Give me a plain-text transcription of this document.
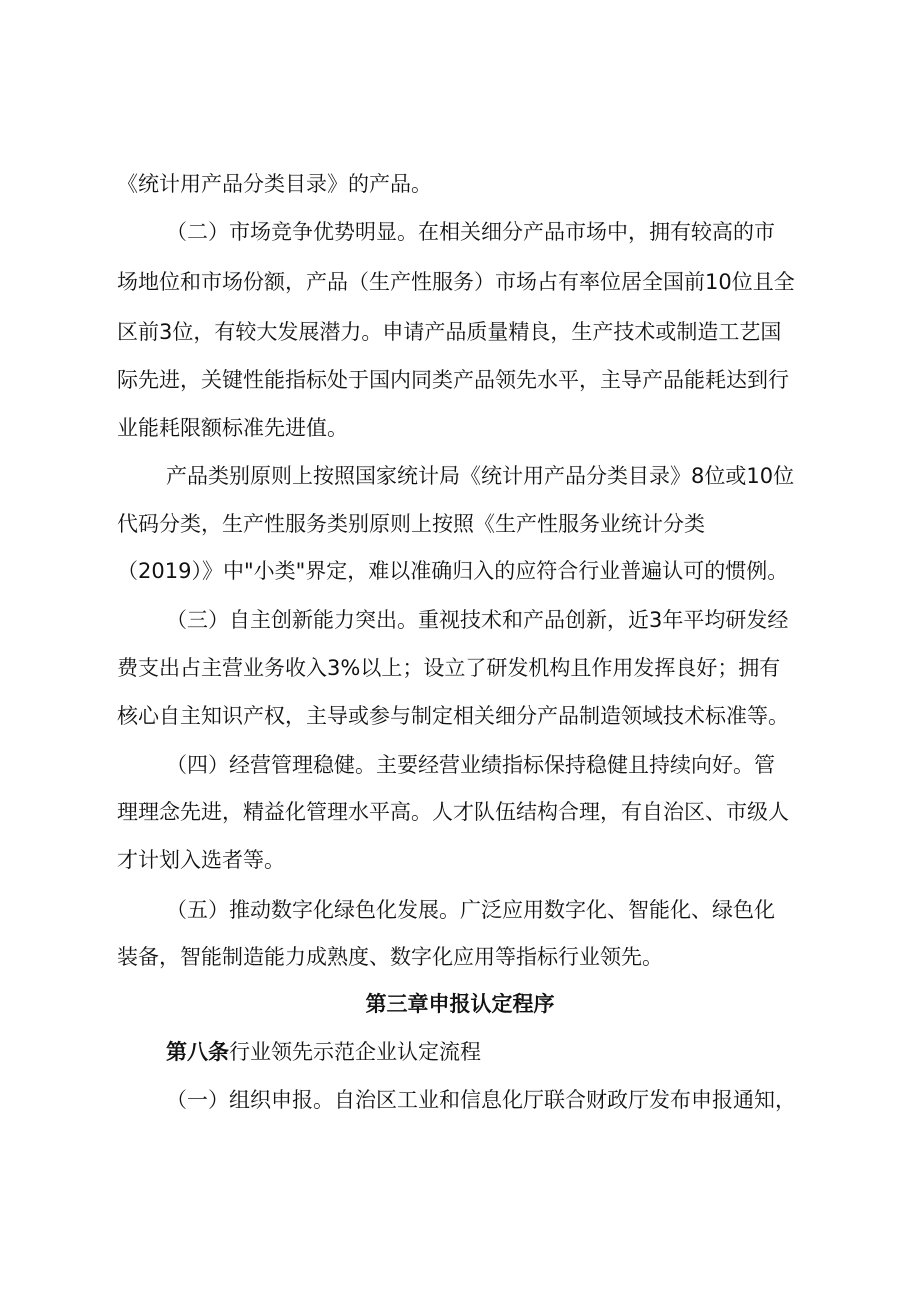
《统计用产品分类目录》的产品。
（二）市场竞争优势明显。在相关细分产品市场中，拥有较高的市
场地位和市场份额，产品（生产性服务）市场占有率位居全国前10位且全
区前3位，有较大发展潜力。申请产品质量精良，生产技术或制造工艺国
际先进，关键性能指标处于国内同类产品领先水平，主导产品能耗达到行
业能耗限额标准先进值。
产品类别原则上按照国家统计局《统计用产品分类目录》8位或10位
代码分类，生产性服务类别原则上按照《生产性服务业统计分类
（2019）》中"小类"界定，难以准确归入的应符合行业普遍认可的惯例。
（三）自主创新能力突出。重视技术和产品创新，近3年平均研发经
费支出占主营业务收入3%以上；设立了研发机构且作用发挥良好；拥有
核心自主知识产权，主导或参与制定相关细分产品制造领域技术标准等。
（四）经营管理稳健。主要经营业绩指标保持稳健且持续向好。管
理理念先进，精益化管理水平高。人才队伍结构合理，有自治区、市级人
才计划入选者等。
（五）推动数字化绿色化发展。广泛应用数字化、智能化、绿色化
装备，智能制造能力成熟度、数字化应用等指标行业领先。
第三章申报认定程序
第八条行业领先示范企业认定流程
（一）组织申报。自治区工业和信息化厅联合财政厅发布申报通知，
